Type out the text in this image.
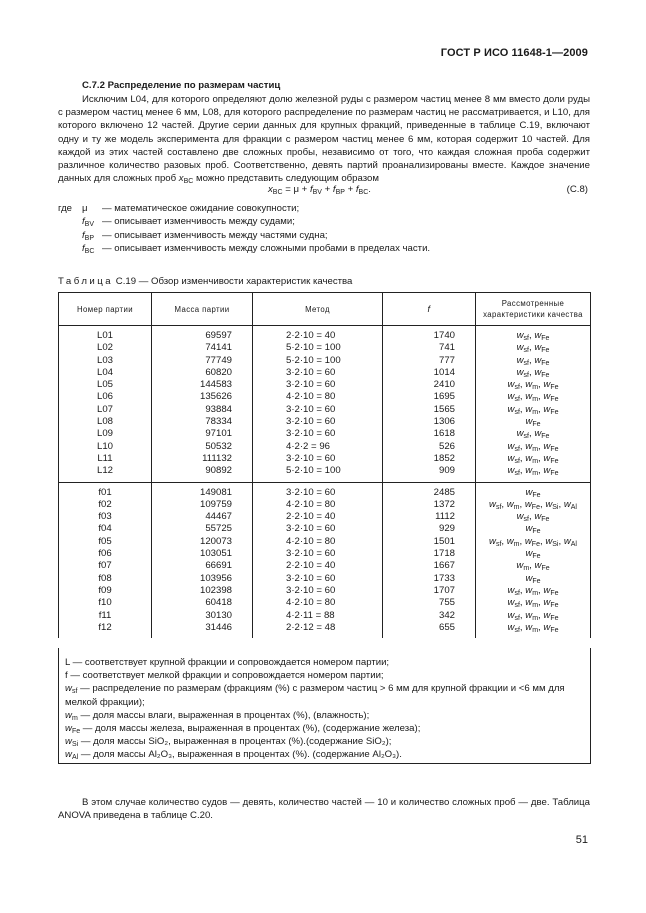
ГОСТ Р ИСО 11648-1—2009
С.7.2 Распределение по размерам частиц

Исключим L04, для которого определяют долю железной руды с размером частиц менее 8 мм вместо доли руды с размером частиц менее 6 мм, L08, для которого распределение по размерам частиц не рассматривается, и L10, для которого включено 12 частей. Другие серии данных для крупных фракций, приведенные в таблице С.19, включают одну и ту же модель эксперимента для фракции с размером частиц менее 6 мм, которая содержит 10 частей. Для каждой из этих частей составлено две сложных пробы, независимо от того, что каждая сложная проба содержит различное количество разовых проб. Соответственно, девять партий проанализированы вместе. Каждое значение данных для сложных проб $x_{BC}$ можно представить следующим образом

$x_{BC} = \mu + f_{BV} + f_{BP} + f_{BC}$.	(С.8)
где μ — математическое ожидание совокупности;
$f_{BV}$ — описывает изменчивость между судами;
$f_{BP}$ — описывает изменчивость между частями судна;
$f_{BC}$ — описывает изменчивость между сложными пробами в пределах части.
Таблица С.19 — Обзор изменчивости характеристик качества
Номер партии	Масса партии	Метод	f	Рассмотренные
характеристики качества

L01	69597	2·2·10 = 40	1740	$w_{sf}$, $w_{Fe}$
L02	74141	5·2·10 = 100	741	$w_{sf}$, $w_{Fe}$
L03	77749	5·2·10 = 100	777	$w_{sf}$, $w_{Fe}$
L04	60820	3·2·10 = 60	1014	$w_{sf}$, $w_{Fe}$
L05	144583	3·2·10 = 60	2410	$w_{sf}$, $w_m$, $w_{Fe}$
L06	135626	4·2·10 = 80	1695	$w_{sf}$, $w_m$, $w_{Fe}$
L07	93884	3·2·10 = 60	1565	$w_{sf}$, $w_m$, $w_{Fe}$
L08	78334	3·2·10 = 60	1306	$w_{Fe}$
L09	97101	3·2·10 = 60	1618	$w_{sf}$, $w_{Fe}$
L10	50532	4·2·2 = 96	526	$w_{sf}$, $w_m$, $w_{Fe}$
L11	111132	3·2·10 = 60	1852	$w_{sf}$, $w_m$, $w_{Fe}$
L12	90892	5·2·10 = 100	909	$w_{sf}$, $w_m$, $w_{Fe}$

f01	149081	3·2·10 = 60	2485	$w_{Fe}$
f02	109759	4·2·10 = 80	1372	$w_{sf}$, $w_m$, $w_{Fe}$, $w_{Si}$, $w_{Al}$
f03	44467	2·2·10 = 40	1112	$w_{sf}$, $w_{Fe}$
f04	55725	3·2·10 = 60	929	$w_{Fe}$
f05	120073	4·2·10 = 80	1501	$w_{sf}$, $w_m$, $w_{Fe}$, $w_{Si}$, $w_{Al}$
f06	103051	3·2·10 = 60	1718	$w_{Fe}$
f07	66691	2·2·10 = 40	1667	$w_m$, $w_{Fe}$
f08	103956	3·2·10 = 60	1733	$w_{Fe}$
f09	102398	3·2·10 = 60	1707	$w_{sf}$, $w_m$, $w_{Fe}$
f10	60418	4·2·10 = 80	755	$w_{sf}$, $w_m$, $w_{Fe}$
f11	30130	4·2·11 = 88	342	$w_{sf}$, $w_m$, $w_{Fe}$
f12	31446	2·2·12 = 48	655	$w_{sf}$, $w_m$, $w_{Fe}$

L — соответствует крупной фракции и сопровождается номером партии;

f — соответствует мелкой фракции и сопровождается номером партии;

$w_{sf}$ — распределение по размерам (фракциям (%) с размером частиц > 6 мм для крупной фракции и <6 мм для мелкой фракции);

$w_m$ — доля массы влаги, выраженная в процентах (%), (влажность);

$w_{Fe}$ — доля массы железа, выраженная в процентах (%), (содержание железа);

$w_{Si}$ — доля массы SiO₂, выраженная в процентах (%).(содержание SiO₂);

$w_{Al}$ — доля массы Al₂O₃, выраженная в процентах (%). (содержание Al₂O₃).

В этом случае количество судов — девять, количество частей — 10 и количество сложных проб — две. Таблица ANOVA приведена в таблице С.20.

51
